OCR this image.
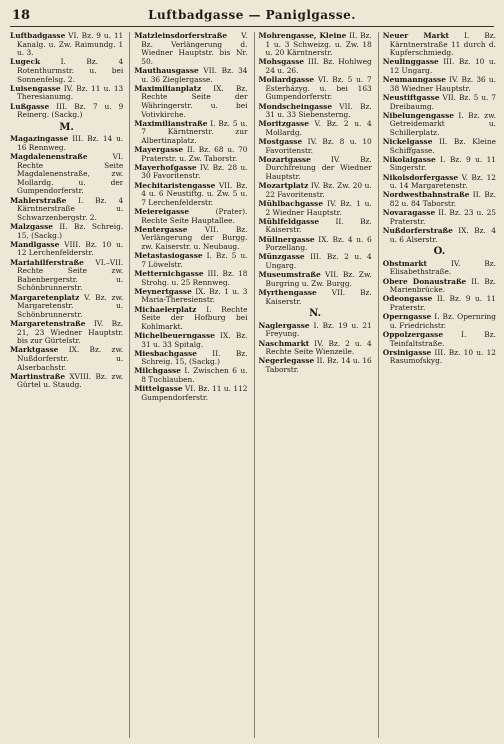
18	Luftbadgasse — Paniglgasse.
Luftbadgasse VI. Bz. 9 u. 11 Kanalg. u. Zw. Raimundg. 1 u. 3.
Lugeck I. Bz. 4 Rotenthurmstr. u. bei Sonnenfelsg. 2.
Luisengasse IV. Bz. 11 u. 13 Theresianumg.
Lußgasse III. Bz. 7 u. 9 Reinerg. (Sackg.)
M.
Magazingasse III. Bz. 14 u. 16 Rennweg.
Magdalenenstraße VI. Rechte Seite Magdalenenstraße, zw. Mollardg. u. der Gumpendorferstr.
Mahlerstraße I. Bz. 4 Kärntnerstraße u. Schwarzenbergstr. 2.
Malzgasse II. Bz. Schreig. 15, (Sackg.)
Mandlgasse VIII. Bz. 10 u. 12 Lerchenfelderstr.
Mariahilferstraße VI.–VII. Rechte Seite zw. Babenbergerstr. u. Schönbrunnerstr.
Margaretenplatz V. Bz. zw. Margaretenstr. u. Schönbrunnerstr.
Margaretenstraße IV. Bz. 21, 23 Wiedner Hauptstr. bis zur Gürtelstr.
Marktgasse IX. Bz. zw. Nußdorferstr. u. Alserbachstr.
Martinstraße XVIII. Bz. zw. Gürtel u. Staudg.
Matzleinsdorferstraße V. Bz. Verlängerung d. Wiedner Hauptstr. bis Nr. 50.
Mauthausgasse VII. Bz. 34 u. 36 Zieglergasse.
Maximilianplatz IX. Bz. Rechte Seite der Währingerstr. u. bei Votivkirche.
Maximilianstraße I. Bz. 5 u. 7 Kärntnerstr. zur Albertinaplatz.
Mayergasse II. Bz. 68 u. 70 Praterstr. u. Zw. Taborstr.
Mayerhofgasse IV. Bz. 28 u. 30 Favoritenstr.
Mechitaristengasse VII. Bz. 4 u. 6 Neustiftg. u. Zw. 5 u. 7 Lerchenfelderstr.
Meiereigasse (Prater). Rechte Seite Hauptallee.
Mentergasse VII. Bz. Verlängerung der Burgg. zw. Kaiserstr. u. Neubaug.
Metastasiogasse I. Bz. 5 u. 7 Löwelstr.
Metternichgasse III. Bz. 18 Strohg. u. 25 Rennweg.
Meynertgasse IX. Bz. 1 u. 3 Maria-Theresienstr.
Michaelerplatz I. Rechte Seite der Hofburg bei Kohlmarkt.
Michelbeuerngasse IX. Bz. 31 u. 33 Spitalg.
Miesbachgasse II. Bz. Schreig. 15, (Sackg.)
Milchgasse I. Zwischen 6 u. 8 Tuchlauben.
Mittelgasse VI. Bz. 11 u. 112 Gumpendorferstr.
Mohrengasse, Kleine II. Bz. 1 u. 3 Schweizg. u. Zw. 18 u. 20 Kärntnerstr.
Mohsgasse III. Bz. Hohlweg 24 u. 26.
Mollardgasse VI. Bz. 5 u. 7 Esterházyg. u. bei 163 Gumpendorferstr.
Mondscheingasse VII. Bz. 31 u. 33 Siebensterng.
Moritzgasse V. Bz. 2 u. 4 Mollardg.
Mostgasse IV. Bz. 8 u. 10 Favoritenstr.
Mozartgasse IV. Bz. Durchfreiung der Wiedner Hauptstr.
Mozartplatz IV. Bz. Zw. 20 u. 22 Favoritenstr.
Mühlbachgasse IV. Bz. 1 u. 2 Wiedner Hauptstr.
Mühlfeldgasse II. Bz. Kaiserstr.
Müllnergasse IX. Bz. 4 u. 6 Porzellang.
Münzgasse III. Bz. 2 u. 4 Ungarg.
Museumstraße VII. Bz. Zw. Burgring u. Zw. Burgg.
Myrthengasse VII. Bz. Kaiserstr.
N.
Naglergasse I. Bz. 19 u. 21 Freyung.
Naschmarkt IV. Bz. 2 u. 4 Rechte Seite Wienzeile.
Negerlegasse II. Bz. 14 u. 16 Taborstr.
Neuer Markt I. Bz. Kärntnerstraße 11 durch d. Kupferschmiedg.
Neulinggasse III. Bz. 10 u. 12 Ungarg.
Neumanngasse IV. Bz. 36 u. 38 Wiedner Hauptstr.
Neustiftgasse VII. Bz. 5 u. 7 Dreibaumg.
Nibelungengasse I. Bz. zw. Getreidemarkt u. Schillerplatz.
Nickelgasse II. Bz. Kleine Schiffgasse.
Nikolaigasse I. Bz. 9 u. 11 Singerstr.
Nikolsdorfergasse V. Bz. 12 u. 14 Margaretenstr.
Nordwestbahnstraße II. Bz. 82 u. 84 Taborstr.
Novaragasse II. Bz. 23 u. 25 Praterstr.
Nußdorferstraße IX. Bz. 4 u. 6 Alserstr.
O.
Obstmarkt IV. Bz. Elisabethstraße.
Obere Donaustraße II. Bz. Marienbrücke.
Odeongasse II. Bz. 9 u. 11 Praterstr.
Operngasse I. Bz. Opernring u. Friedrichstr.
Oppolzergasse I. Bz. Teinfaltstraße.
Orsinigasse III. Bz. 10 u. 12 Rasumofskyg.
